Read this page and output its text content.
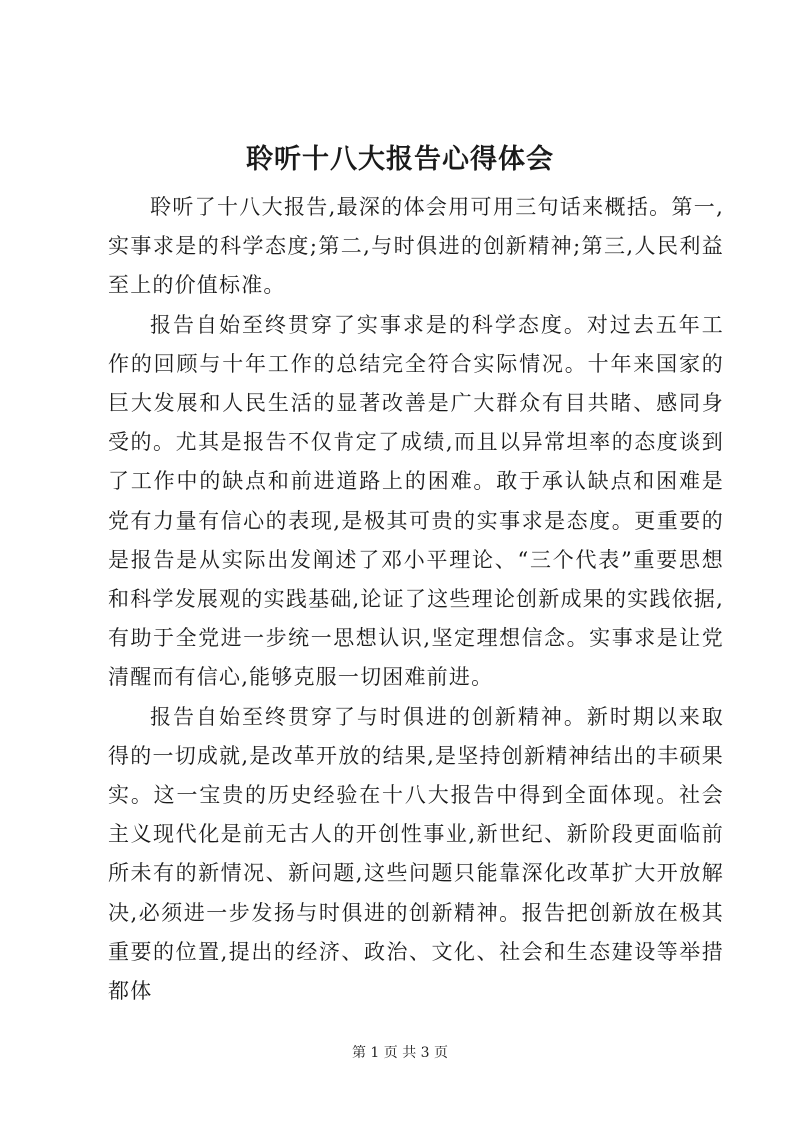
聆听十八大报告心得体会

聆听了十八大报告,最深的体会用可用三句话来概括。第一,实事求是的科学态度;第二,与时俱进的创新精神;第三,人民利益至上的价值标准。

报告自始至终贯穿了实事求是的科学态度。对过去五年工作的回顾与十年工作的总结完全符合实际情况。十年来国家的巨大发展和人民生活的显著改善是广大群众有目共睹、感同身受的。尤其是报告不仅肯定了成绩,而且以异常坦率的态度谈到了工作中的缺点和前进道路上的困难。敢于承认缺点和困难是党有力量有信心的表现,是极其可贵的实事求是态度。更重要的是报告是从实际出发阐述了邓小平理论、“三个代表”重要思想和科学发展观的实践基础,论证了这些理论创新成果的实践依据,有助于全党进一步统一思想认识,坚定理想信念。实事求是让党清醒而有信心,能够克服一切困难前进。

报告自始至终贯穿了与时俱进的创新精神。新时期以来取得的一切成就,是改革开放的结果,是坚持创新精神结出的丰硕果实。这一宝贵的历史经验在十八大报告中得到全面体现。社会主义现代化是前无古人的开创性事业,新世纪、新阶段更面临前所未有的新情况、新问题,这些问题只能靠深化改革扩大开放解决,必须进一步发扬与时俱进的创新精神。报告把创新放在极其重要的位置,提出的经济、政治、文化、社会和生态建设等举措都体

第 1 页 共 3 页
